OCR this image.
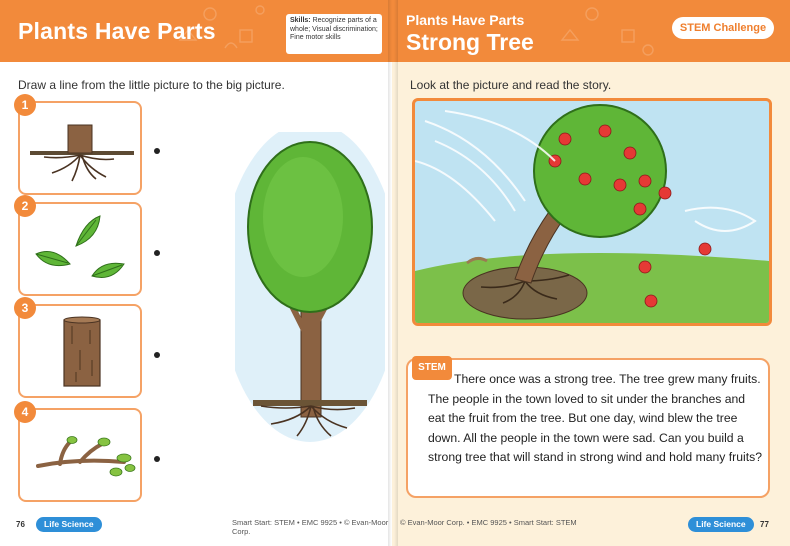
Plants Have Parts	Skills: Recognize parts of a whole; Visual discrimination; Fine motor skills
Draw a line from the little picture to the big picture.
1
2
3
4
76	Life Science	Smart Start: STEM • EMC 9925 • © Evan-Moor Corp.
Plants Have Parts
Strong Tree
STEM Challenge
Look at the picture and read the story.
STEM
There once was a strong tree. The tree grew many fruits. The people in the town loved to sit under the branches and eat the fruit from the tree. But one day, wind blew the tree down. All the people in the town were sad. Can you build a strong tree that will stand in strong wind and hold many fruits?
© Evan-Moor Corp. • EMC 9925 • Smart Start: STEM	Life Science	77
